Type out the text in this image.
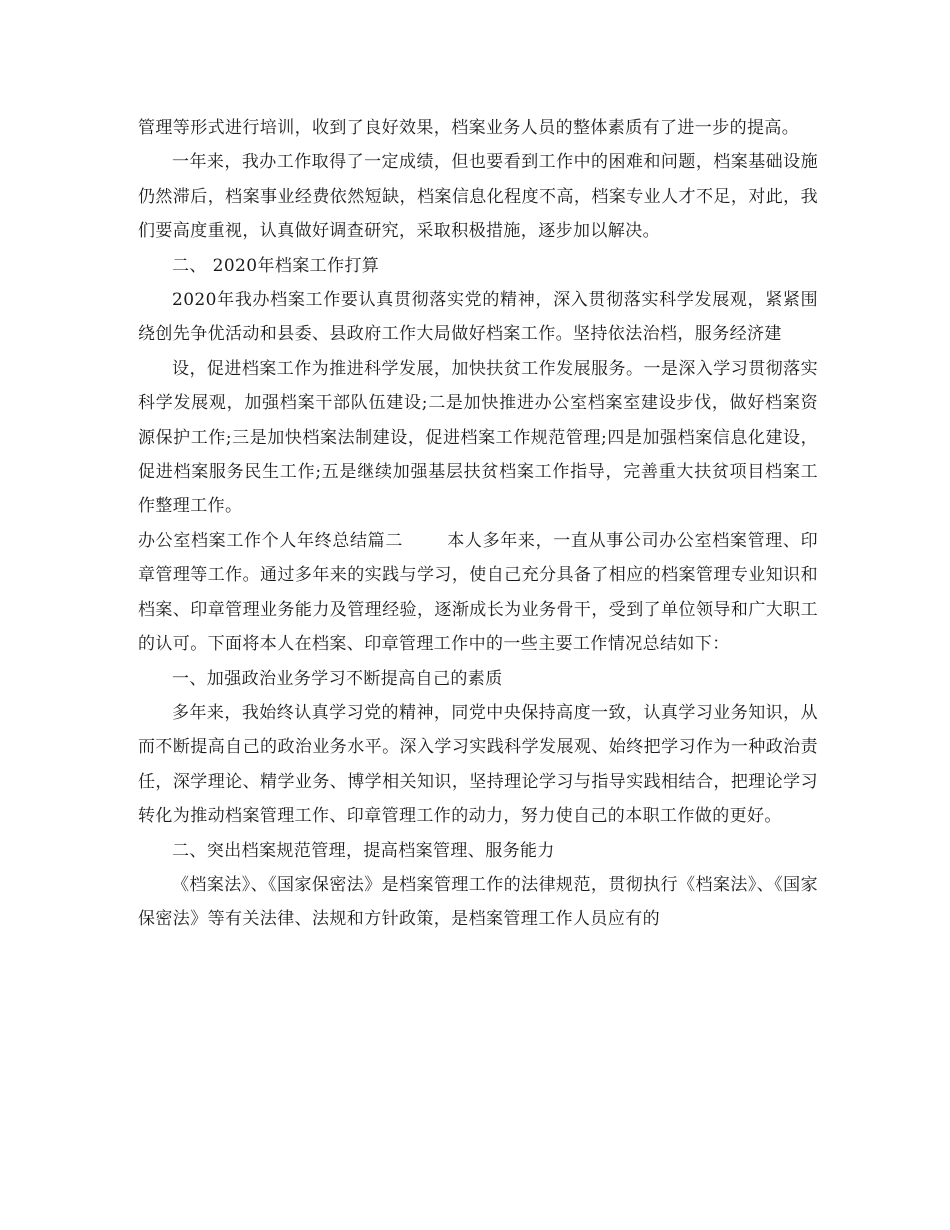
管理等形式进行培训，收到了良好效果，档案业务人员的整体素质有了进一步的提高。

一年来，我办工作取得了一定成绩，但也要看到工作中的困难和问题，档案基础设施仍然滞后，档案事业经费依然短缺，档案信息化程度不高，档案专业人才不足，对此，我们要高度重视，认真做好调查研究，采取积极措施，逐步加以解决。

二、 2020年档案工作打算

2020年我办档案工作要认真贯彻落实党的精神，深入贯彻落实科学发展观，紧紧围绕创先争优活动和县委、县政府工作大局做好档案工作。坚持依法治档，服务经济建

设，促进档案工作为推进科学发展，加快扶贫工作发展服务。一是深入学习贯彻落实科学发展观，加强档案干部队伍建设;二是加快推进办公室档案室建设步伐，做好档案资源保护工作;三是加快档案法制建设，促进档案工作规范管理;四是加强档案信息化建设，促进档案服务民生工作;五是继续加强基层扶贫档案工作指导，完善重大扶贫项目档案工作整理工作。

办公室档案工作个人年终总结篇二	本人多年来，一直从事公司办公室档案管理、印章管理等工作。通过多年来的实践与学习，使自己充分具备了相应的档案管理专业知识和档案、印章管理业务能力及管理经验，逐渐成长为业务骨干，受到了单位领导和广大职工的认可。下面将本人在档案、印章管理工作中的一些主要工作情况总结如下：

一、加强政治业务学习不断提高自己的素质

多年来，我始终认真学习党的精神，同党中央保持高度一致，认真学习业务知识，从而不断提高自己的政治业务水平。深入学习实践科学发展观、始终把学习作为一种政治责任，深学理论、精学业务、博学相关知识，坚持理论学习与指导实践相结合，把理论学习转化为推动档案管理工作、印章管理工作的动力，努力使自己的本职工作做的更好。

二、突出档案规范管理，提高档案管理、服务能力

《档案法》、《国家保密法》是档案管理工作的法律规范，贯彻执行《档案法》、《国家保密法》等有关法律、法规和方针政策，是档案管理工作人员应有的
